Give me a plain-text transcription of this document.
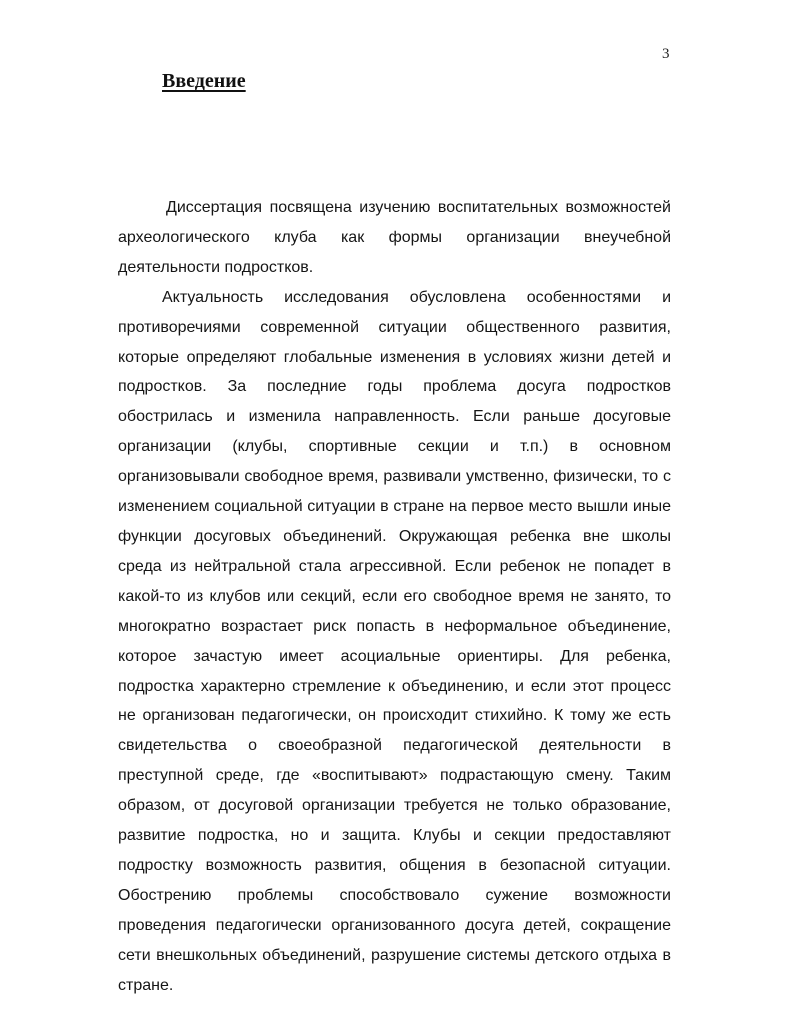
3
Введение

Диссертация посвящена изучению воспитательных возможностей археологического клуба как формы организации внеучебной деятельности подростков.

Актуальность исследования обусловлена особенностями и противоречиями современной ситуации общественного развития, которые определяют глобальные изменения в условиях жизни детей и подростков. За последние годы проблема досуга подростков обострилась и изменила направленность. Если раньше досуговые организации (клубы, спортивные секции и т.п.) в основном организовывали свободное время, развивали умственно, физически, то с изменением социальной ситуации в стране на первое место вышли иные функции досуговых объединений. Окружающая ребенка вне школы среда из нейтральной стала агрессивной. Если ребенок не попадет в какой-то из клубов или секций, если его свободное время не занято, то многократно возрастает риск попасть в неформальное объединение, которое зачастую имеет асоциальные ориентиры. Для ребенка, подростка характерно стремление к объединению, и если этот процесс не организован педагогически, он происходит стихийно. К тому же есть свидетельства о своеобразной педагогической деятельности в преступной среде, где «воспитывают» подрастающую смену. Таким образом, от досуговой организации требуется не только образование, развитие подростка, но и защита. Клубы и секции предоставляют подростку возможность развития, общения в безопасной ситуации. Обострению проблемы способствовало сужение возможности проведения педагогически организованного досуга детей, сокращение сети внешкольных объединений, разрушение системы детского отдыха в стране.
